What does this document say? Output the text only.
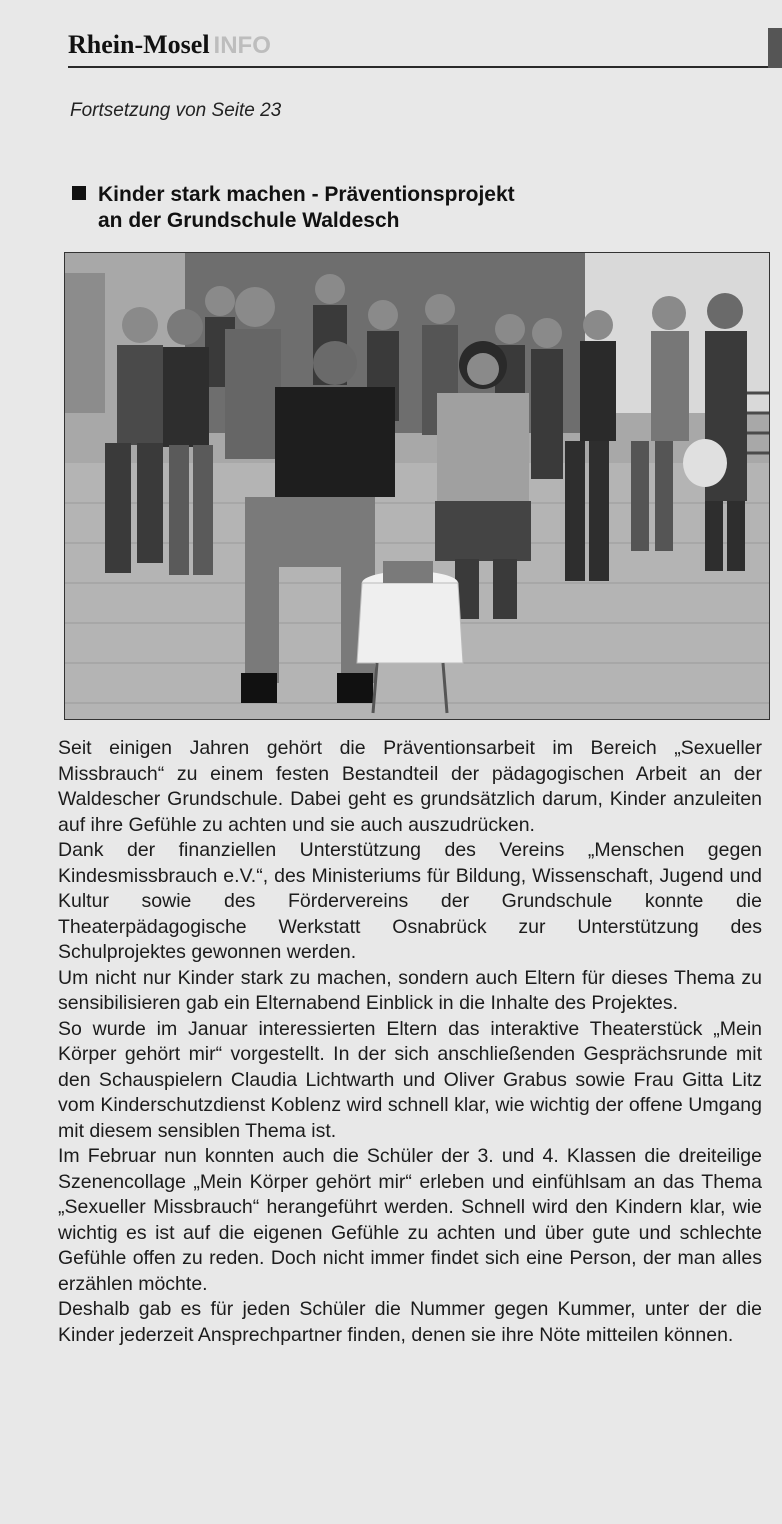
Rhein-Mosel INFO
Fortsetzung von Seite 23
Kinder stark machen - Präventionsprojekt
an der Grundschule Waldesch

Seit einigen Jahren gehört die Präventionsarbeit im Bereich „Sexueller Missbrauch“ zu einem festen Bestandteil der pädagogischen Arbeit an der Waldescher Grundschule. Dabei geht es grundsätzlich darum, Kinder anzuleiten auf ihre Gefühle zu achten und sie auch auszudrücken.

Dank der finanziellen Unterstützung des Vereins „Menschen gegen Kindesmissbrauch e.V.“, des Ministeriums für Bildung, Wissenschaft, Jugend und Kultur sowie des Fördervereins der Grundschule konnte die Theaterpädagogische Werkstatt Osnabrück zur Unterstützung des Schulprojektes gewonnen werden.

Um nicht nur Kinder stark zu machen, sondern auch Eltern für dieses Thema zu sensibilisieren gab ein Elternabend Einblick in die Inhalte des Projektes.

So wurde im Januar interessierten Eltern das interaktive Theaterstück „Mein Körper gehört mir“ vorgestellt. In der sich anschließenden Gesprächsrunde mit den Schauspielern Claudia Lichtwarth und Oliver Grabus sowie Frau Gitta Litz vom Kinderschutzdienst Koblenz wird schnell klar, wie wichtig der offene Umgang mit diesem sensiblen Thema ist.

Im Februar nun konnten auch die Schüler der 3. und 4. Klassen die dreiteilige Szenencollage „Mein Körper gehört mir“ erleben und einfühlsam an das Thema „Sexueller Missbrauch“ herangeführt werden. Schnell wird den Kindern klar, wie wichtig es ist auf die eigenen Gefühle zu achten und über gute und schlechte Gefühle offen zu reden. Doch nicht immer findet sich eine Person, der man alles erzählen möchte.

Deshalb gab es für jeden Schüler die Nummer gegen Kummer, unter der die Kinder jederzeit Ansprechpartner finden, denen sie ihre Nöte mitteilen können.
